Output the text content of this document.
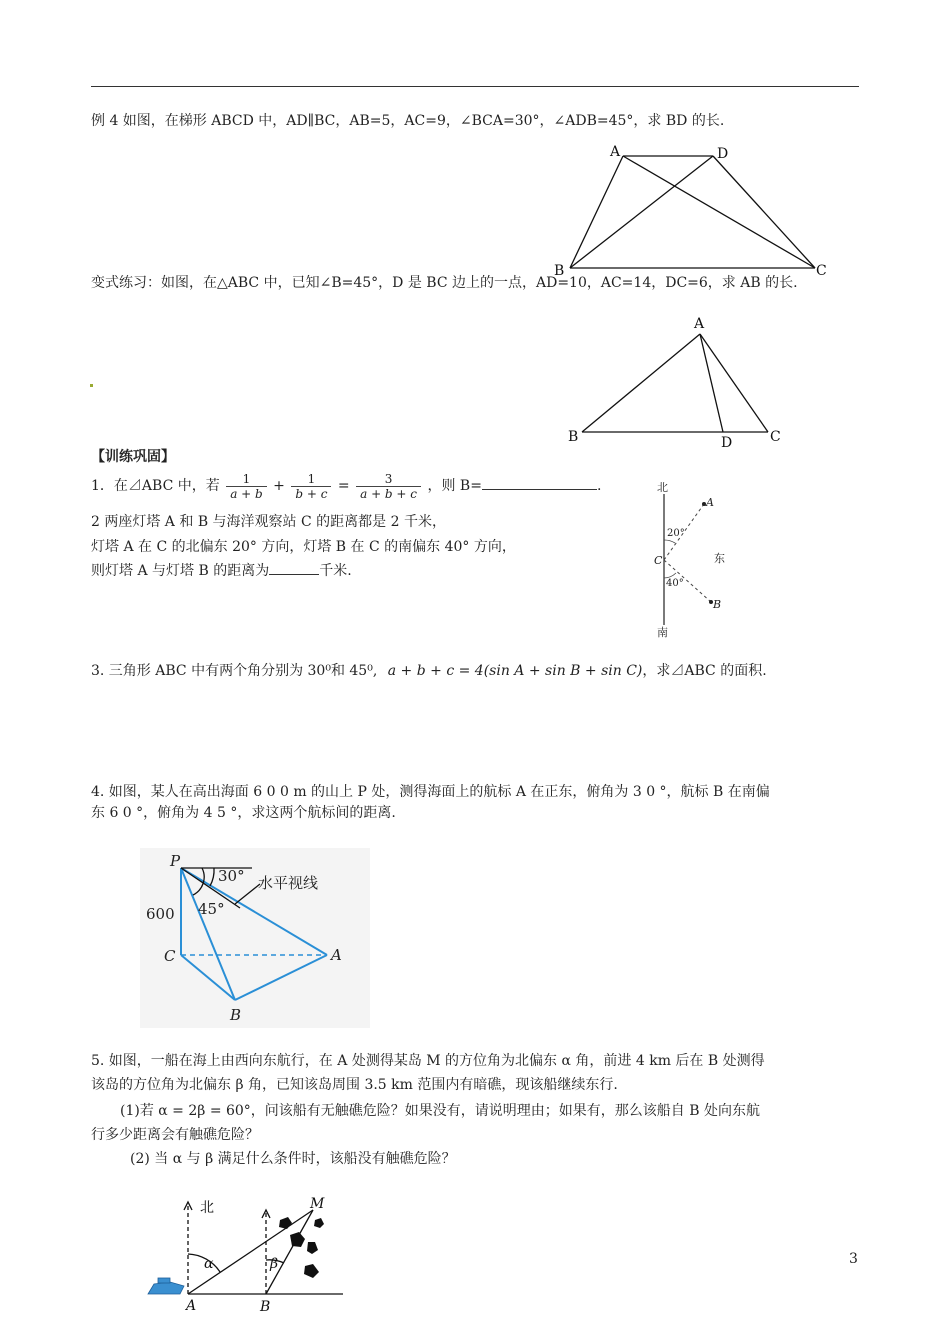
例 4 如图，在梯形 ABCD 中，AD∥BC，AB=5，AC=9，∠BCA=30°，∠ADB=45°，求 BD 的长.
A	D
B	C
变式练习：如图，在△ABC 中，已知∠B=45°，D 是 BC 边上的一点，AD=10，AC=14，DC=6，求 AB 的长.
A
B	D	C
【训练巩固】
1．在⊿ABC 中，若 $\frac{1}{a + b} + \frac{1}{b + c} = \frac{3}{a + b + c}$ ，则 B=	.
2 两座灯塔 A 和 B 与海洋观察站 C 的距离都是 2 千米，
灯塔 A 在 C 的北偏东 20° 方向，灯塔 B 在 C 的南偏东 40° 方向，
则灯塔 A 与灯塔 B 的距离为	千米.
北
南
东
A
B
C
20°
40°
3. 三角形 ABC 中有两个角分别为 30⁰和 45⁰, a + b + c = 4(sin A + sin B + sin C)，求⊿ABC 的面积.
4. 如图，某人在高出海面 6 0 0 m 的山上 P 处，测得海面上的航标 A 在正东，俯角为 3 0 °，航标 B 在南偏
东 6 0 °，俯角为 4 5 °，求这两个航标间的距离.
P
A
B
C
600
30°
45°
水平视线
5. 如图，一船在海上由西向东航行，在 A 处测得某岛 M 的方位角为北偏东 α 角，前进 4 km 后在 B 处测得
该岛的方位角为北偏东 β 角，已知该岛周围 3.5 km 范围内有暗礁，现该船继续东行.
(1)若 α = 2β = 60°，问该船有无触礁危险？如果没有，请说明理由；如果有，那么该船自 B 处向东航
行多少距离会有触礁危险？
(2) 当 α 与 β 满足什么条件时，该船没有触礁危险？
北
A	B
M
α	β	3
